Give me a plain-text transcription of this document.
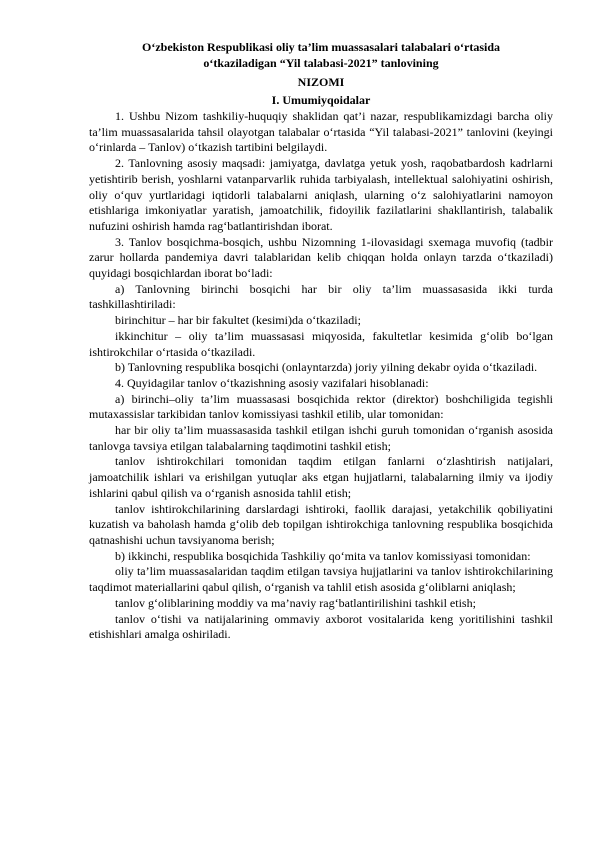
O‘zbekiston Respublikasi oliy ta’lim muassasalari talabalari o‘rtasida
o‘tkaziladigan “Yil talabasi-2021” tanlovining
NIZOMI
I. Umumiyqoidalar

1. Ushbu Nizom tashkiliy-huquqiy shaklidan qat’i nazar, respublikamizdagi barcha oliy ta’lim muassasalarida tahsil olayotgan talabalar o‘rtasida “Yil talabasi-2021” tanlovini (keyingi o‘rinlarda – Tanlov) o‘tkazish tartibini belgilaydi.

2. Tanlovning asosiy maqsadi: jamiyatga, davlatga yetuk yosh, raqobatbardosh kadrlarni yetishtirib berish, yoshlarni vatanparvarlik ruhida tarbiyalash, intellektual salohiyatini oshirish, oliy o‘quv yurtlaridagi iqtidorli talabalarni aniqlash, ularning o‘z salohiyatlarini namoyon etishlariga imkoniyatlar yaratish, jamoatchilik, fidoyilik fazilatlarini shakllantirish, talabalik nufuzini oshirish hamda rag‘batlantirishdan iborat.

3. Tanlov bosqichma-bosqich, ushbu Nizomning 1-ilovasidagi sxemaga muvofiq (tadbir zarur hollarda pandemiya davri talablaridan kelib chiqqan holda onlayn tarzda o‘tkaziladi) quyidagi bosqichlardan iborat bo‘ladi:

a) Tanlovning birinchi bosqichi har bir oliy ta’lim muassasasida ikki turda tashkillashtiriladi:

birinchitur – har bir fakultet (kesimi)da o‘tkaziladi;

ikkinchitur – oliy ta’lim muassasasi miqyosida, fakultetlar kesimida g‘olib bo‘lgan ishtirokchilar o‘rtasida o‘tkaziladi.

b) Tanlovning respublika bosqichi (onlayntarzda) joriy yilning dekabr oyida o‘tkaziladi.

4. Quyidagilar tanlov o‘tkazishning asosiy vazifalari hisoblanadi:

a) birinchi–oliy ta’lim muassasasi bosqichida rektor (direktor) boshchiligida tegishli mutaxassislar tarkibidan tanlov komissiyasi tashkil etilib, ular tomonidan:

har bir oliy ta’lim muassasasida tashkil etilgan ishchi guruh tomonidan o‘rganish asosida tanlovga tavsiya etilgan talabalarning taqdimotini tashkil etish;

tanlov ishtirokchilari tomonidan taqdim etilgan fanlarni o‘zlashtirish natijalari, jamoatchilik ishlari va erishilgan yutuqlar aks etgan hujjatlarni, talabalarning ilmiy va ijodiy ishlarini qabul qilish va o‘rganish asnosida tahlil etish;

tanlov ishtirokchilarining darslardagi ishtiroki, faollik darajasi, yetakchilik qobiliyatini kuzatish va baholash hamda g‘olib deb topilgan ishtirokchiga tanlovning respublika bosqichida qatnashishi uchun tavsiyanoma berish;

b) ikkinchi, respublika bosqichida Tashkiliy qo‘mita va tanlov komissiyasi tomonidan:

oliy ta’lim muassasalaridan taqdim etilgan tavsiya hujjatlarini va tanlov ishtirokchilarining taqdimot materiallarini qabul qilish, o‘rganish va tahlil etish asosida g‘oliblarni aniqlash;

tanlov g‘oliblarining moddiy va ma’naviy rag‘batlantirilishini tashkil etish;

tanlov o‘tishi va natijalarining ommaviy axborot vositalarida keng yoritilishini tashkil etishishlari amalga oshiriladi.
